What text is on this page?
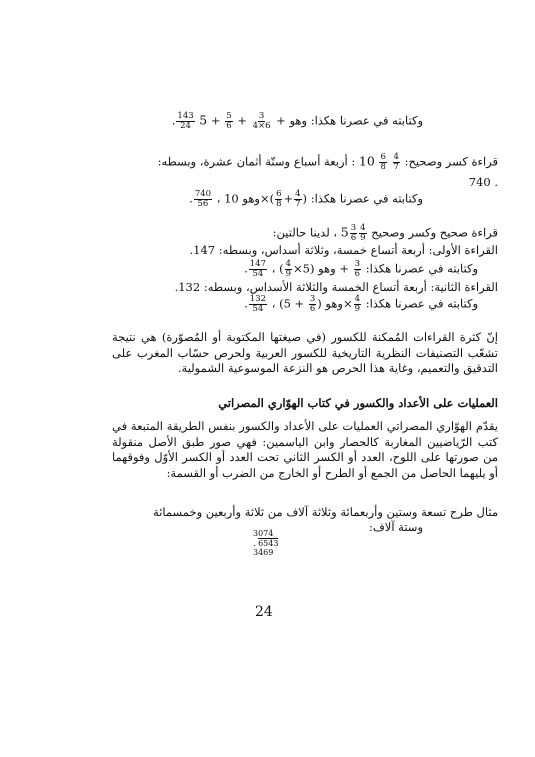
وكتابته في عصرنا هكذا: . $\frac{143}{24}$	وهو +
$\frac{3}{4\times 6}$
+
$\frac{5}{6}$
+ 5
قراءة كسر وصحيح: $10 \frac{6}{8}$
$\frac{4}{7}$
: أربعة أسباع وستّة أثمان عشرة، وبسطه:
. 740
وكتابته في عصرنا هكذا: . $\frac{740}{56}$ ، وهو $10\times( \frac{6}{8} + \frac{4}{7}$ )
قراءة صحيح وكسر وصحيح $5 \frac{3}{6} \frac{4}{9}$
، لدينا حالتين:
القراءة الأولى: أربعة أتساع خمسة، وثلاثة أسداس، وبسطه: 147.
وكتابته في عصرنا هكذا: . $\frac{147}{54}$ ، وهو (5×
$\frac{4}{9}$
) + $\frac{3}{6}$
القراءة الثانية: أربعة أتساع الخمسة والثلاثة الأسداس، وبسطه: 132.
وكتابته في عصرنا هكذا: . $\frac{132}{54}$ ، وهو (
$\frac{3}{6}$
+ $5)\times \frac{4}{9}$
إنّ كثرة القراءات المُمكنة للكسور (في صيغتها المكتوبة أو المُصوّرة) هي نتيجة تشعّب التصنيفات النظرية التاريخية للكسور العربية ولحرص حسّاب المغرب على التدقيق والتعميم، وغاية هذا الحرص هو النزعة الموسوعية الشمولية.
العمليات على الأعداد والكسور في كتاب الهوّاري المصراتي
يقدّم الهوّاري المصراتي العمليات على الأعداد والكسور بنفس الطريقة المتبعة في كتب الرّياضيين المغاربة كالحصار وابن الياسمين: فهي صور طبق الأصل منقولة من صورتها على اللوح، العدد أو الكسر الثاني تحت العدد أو الكسر الأوّل وفوقهما أو يليهما الحاصل من الجمع أو الطرح أو الخارج من الضرب أو القسمة:
مثال طرح تسعة وستين وأربعمائة وثلاثة آلاف من ثلاثة وأربعين وخمسمائة
وستة آلاف:
3074
. 6543
3469
24
